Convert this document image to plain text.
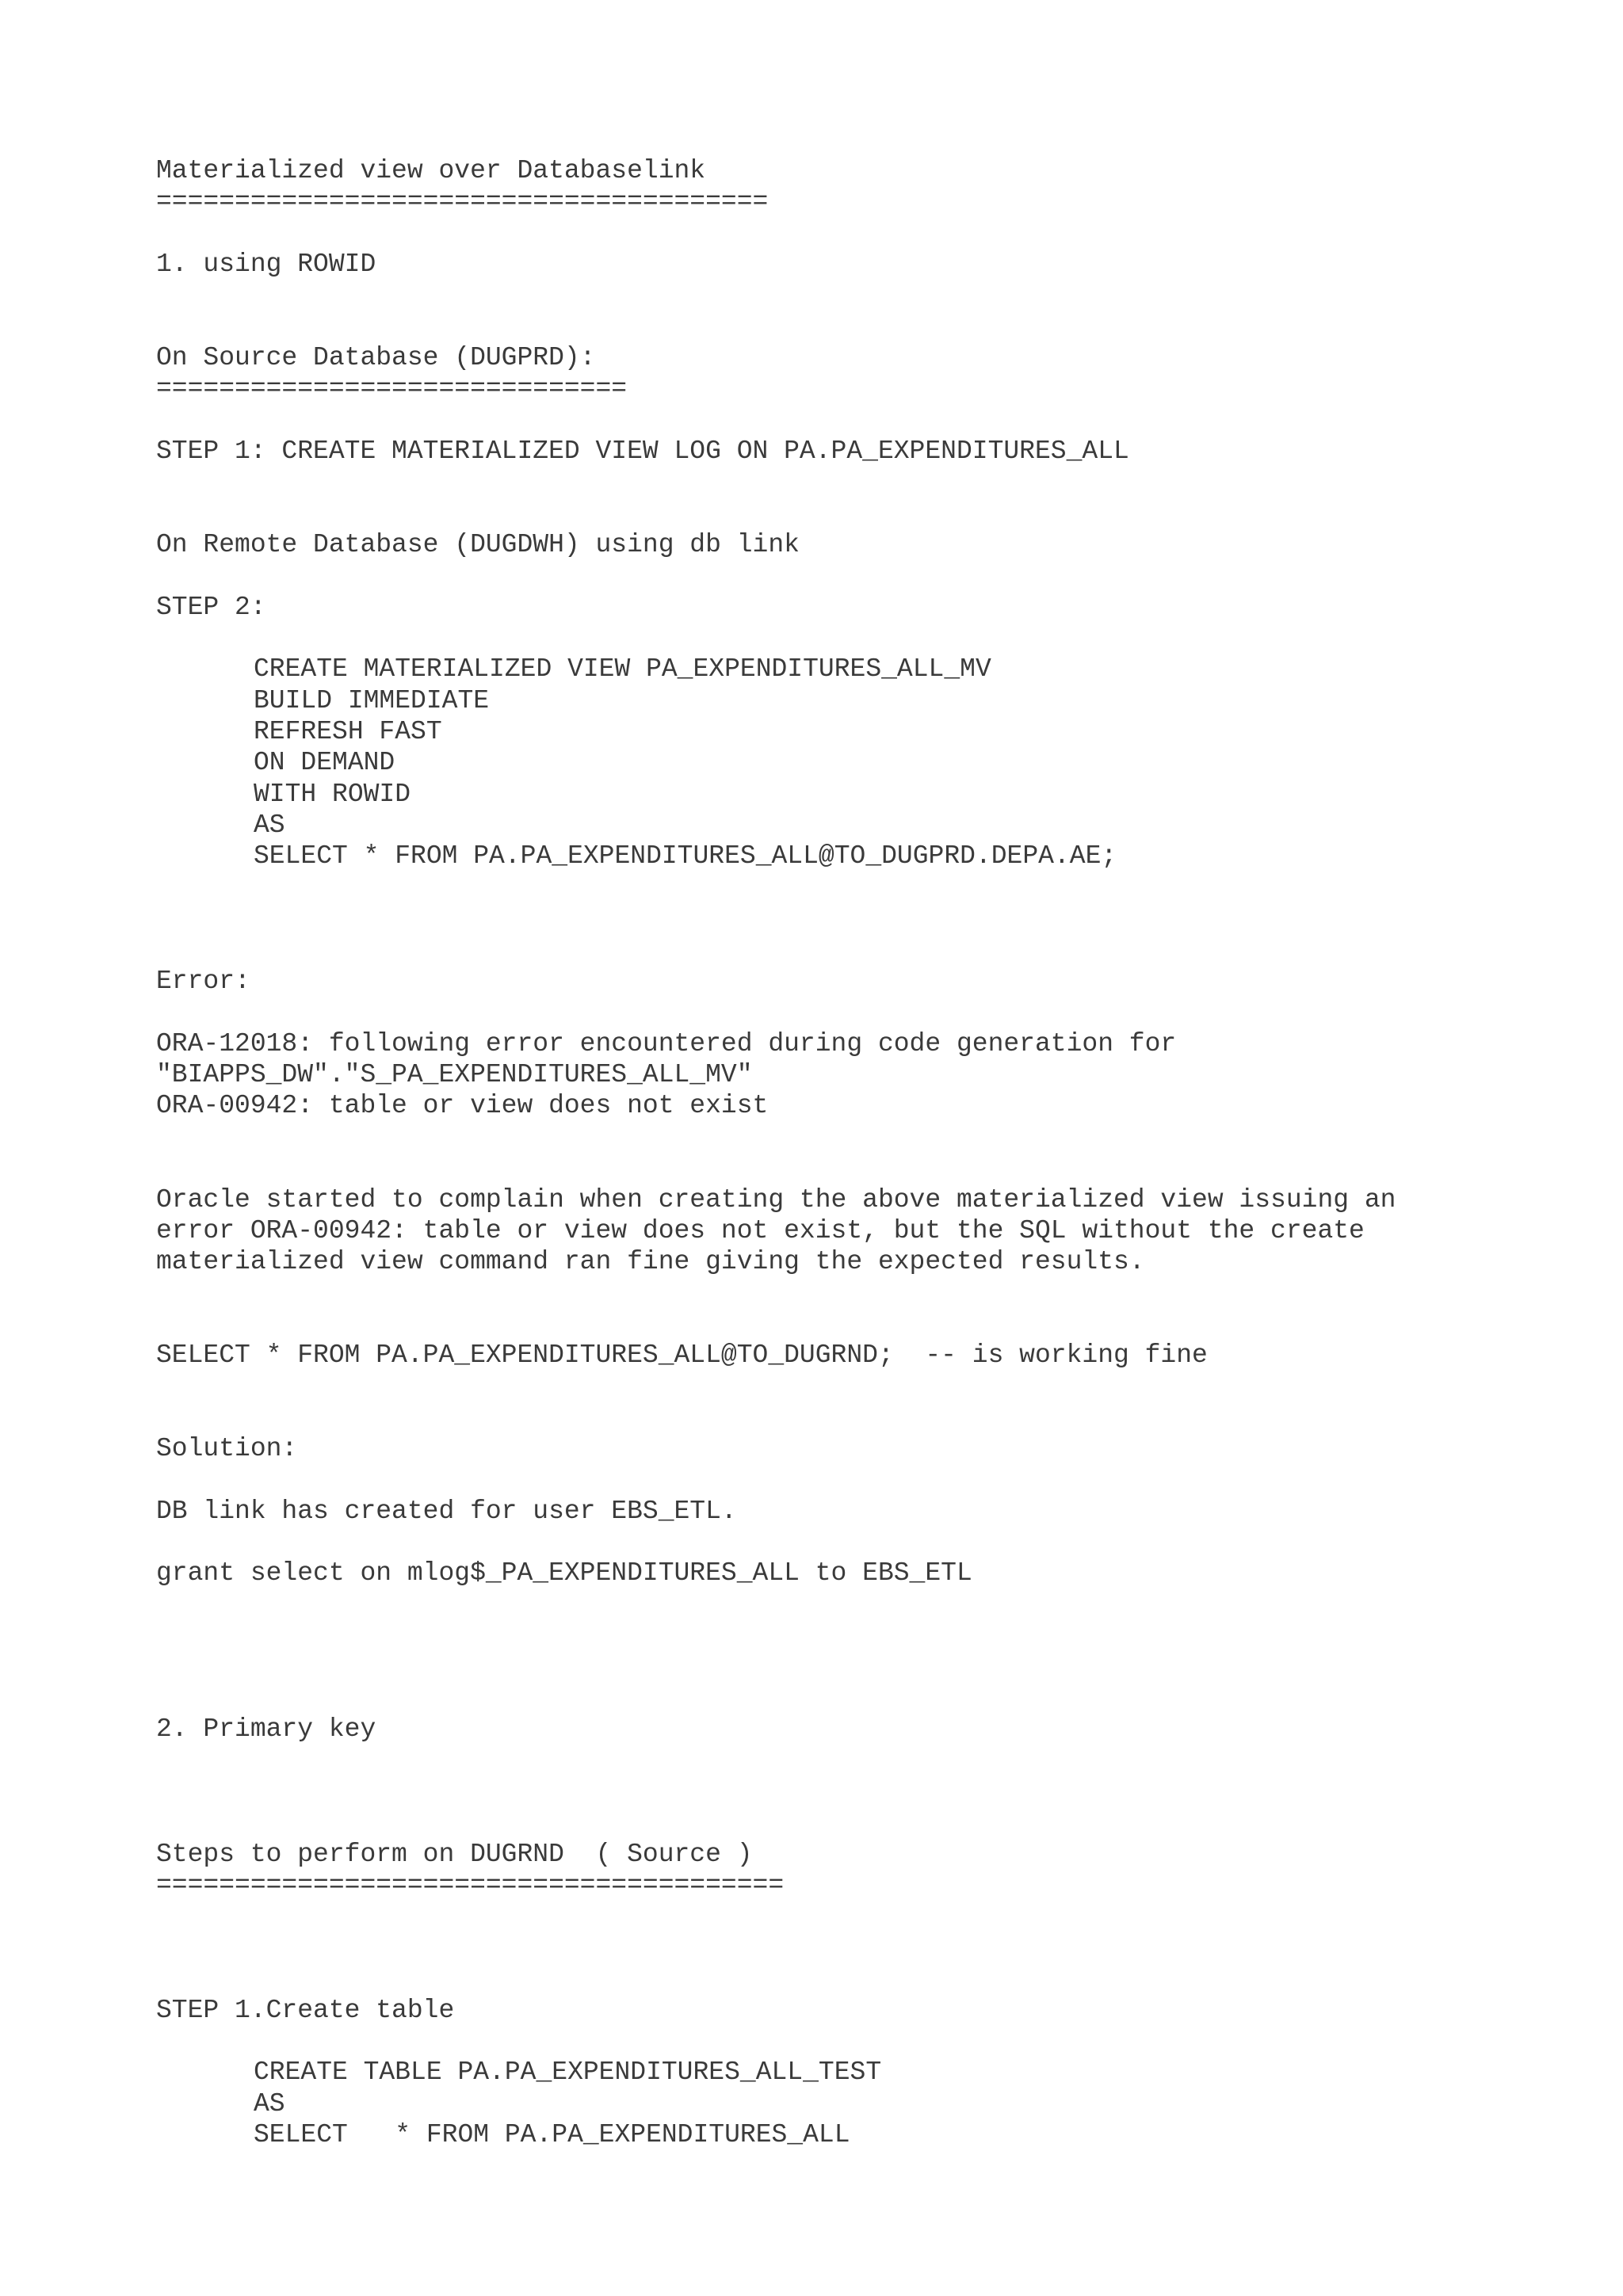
Materialized view over Databaselink

=======================================

1. using ROWID

On Source Database (DUGPRD):

==============================

STEP 1: CREATE MATERIALIZED VIEW LOG ON PA.PA_EXPENDITURES_ALL

On Remote Database (DUGDWH) using db link

STEP 2:

CREATE MATERIALIZED VIEW PA_EXPENDITURES_ALL_MV

BUILD IMMEDIATE

REFRESH FAST

ON DEMAND

WITH ROWID

AS

SELECT * FROM PA.PA_EXPENDITURES_ALL@TO_DUGPRD.DEPA.AE;

Error:

ORA-12018: following error encountered during code generation for

"BIAPPS_DW"."S_PA_EXPENDITURES_ALL_MV"

ORA-00942: table or view does not exist

Oracle started to complain when creating the above materialized view issuing an

error ORA-00942: table or view does not exist, but the SQL without the create

materialized view command ran fine giving the expected results.

SELECT * FROM PA.PA_EXPENDITURES_ALL@TO_DUGRND;  -- is working fine

Solution:

DB link has created for user EBS_ETL.

grant select on mlog$_PA_EXPENDITURES_ALL to EBS_ETL

2. Primary key

Steps to perform on DUGRND  ( Source )

========================================

STEP 1.Create table

CREATE TABLE PA.PA_EXPENDITURES_ALL_TEST

AS

SELECT   * FROM PA.PA_EXPENDITURES_ALL
